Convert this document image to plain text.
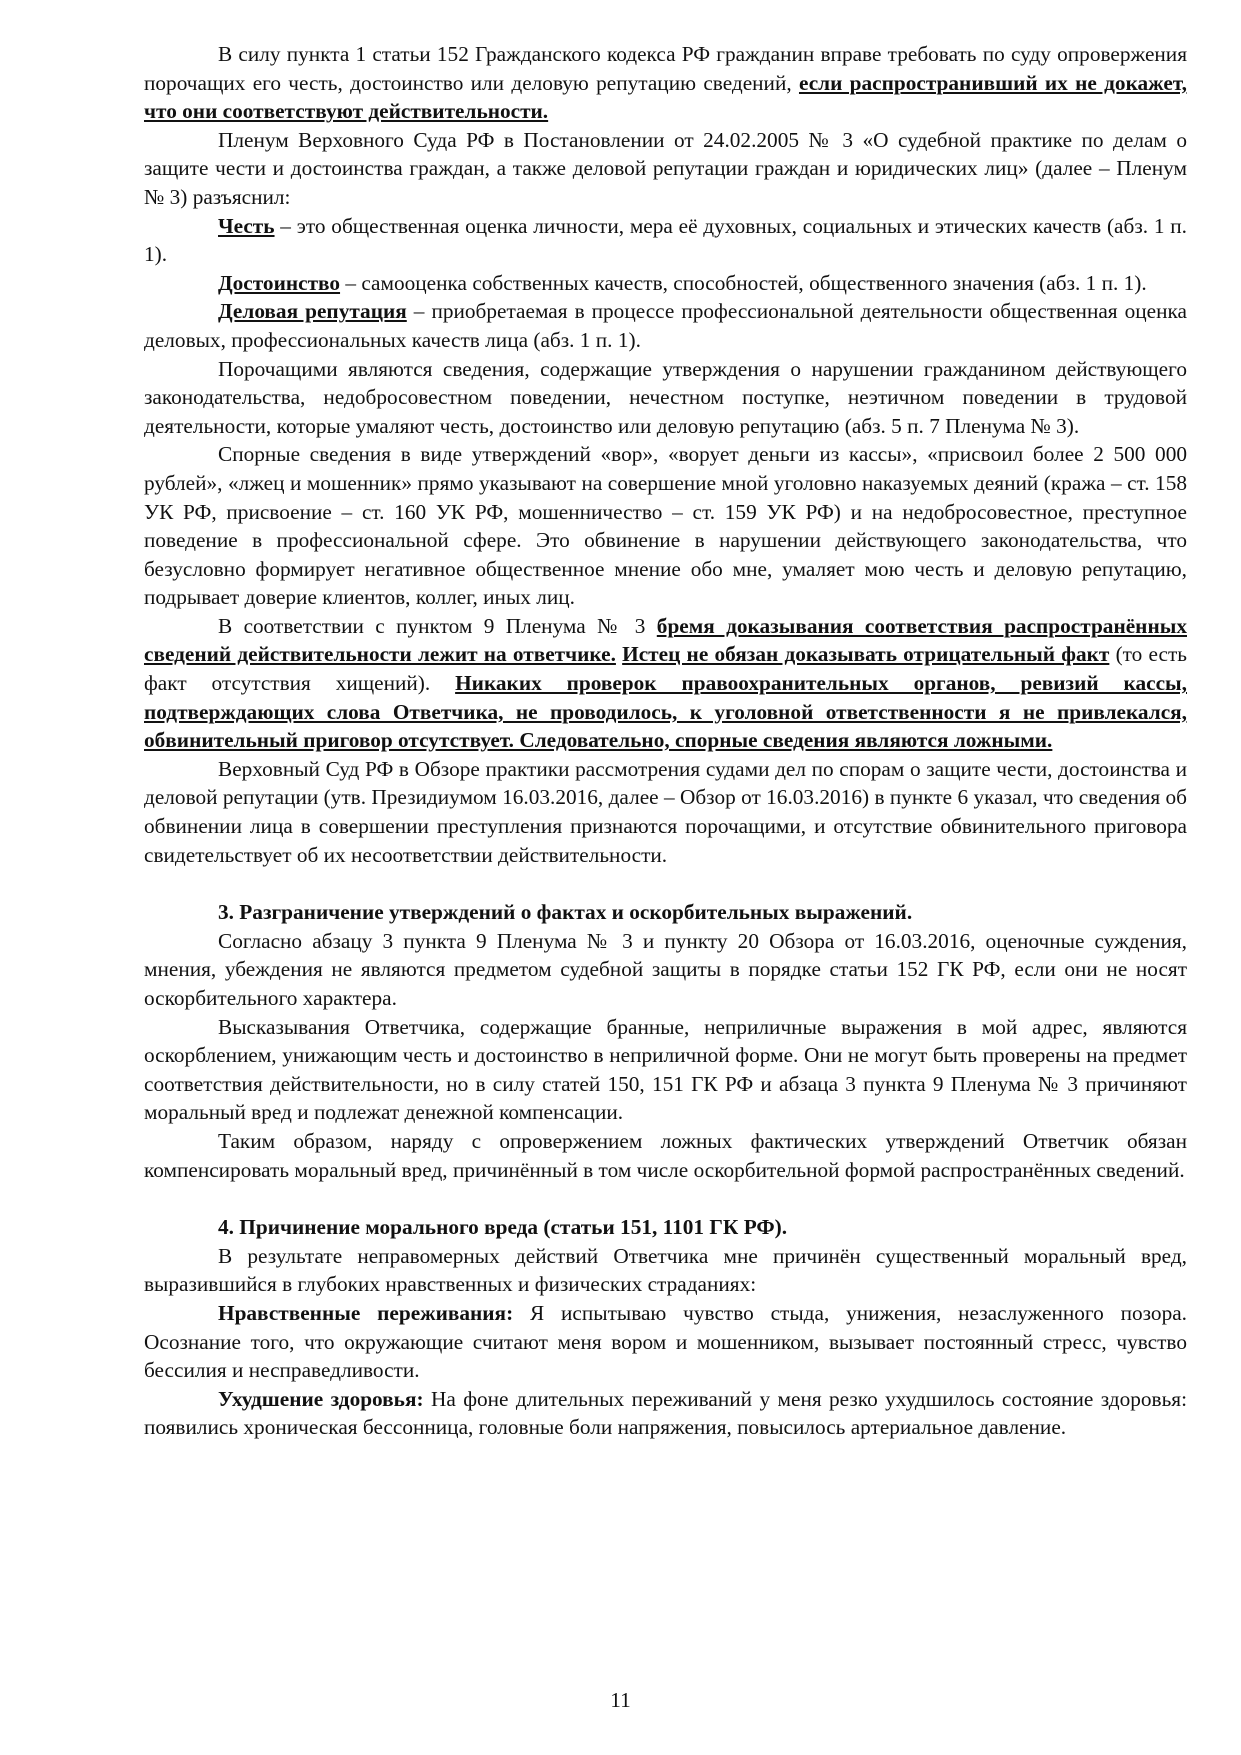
В силу пункта 1 статьи 152 Гражданского кодекса РФ гражданин вправе требовать по суду опровержения порочащих его честь, достоинство или деловую репутацию сведений, если распространивший их не докажет, что они соответствуют действительности.

Пленум Верховного Суда РФ в Постановлении от 24.02.2005 № 3 «О судебной практике по делам о защите чести и достоинства граждан, а также деловой репутации граждан и юридических лиц» (далее – Пленум № 3) разъяснил:

Честь – это общественная оценка личности, мера её духовных, социальных и этических качеств (абз. 1 п. 1).

Достоинство – самооценка собственных качеств, способностей, общественного значения (абз. 1 п. 1).

Деловая репутация – приобретаемая в процессе профессиональной деятельности общественная оценка деловых, профессиональных качеств лица (абз. 1 п. 1).

Порочащими являются сведения, содержащие утверждения о нарушении гражданином действующего законодательства, недобросовестном поведении, нечестном поступке, неэтичном поведении в трудовой деятельности, которые умаляют честь, достоинство или деловую репутацию (абз. 5 п. 7 Пленума № 3).

Спорные сведения в виде утверждений «вор», «ворует деньги из кассы», «присвоил более 2 500 000 рублей», «лжец и мошенник» прямо указывают на совершение мной уголовно наказуемых деяний (кража – ст. 158 УК РФ, присвоение – ст. 160 УК РФ, мошенничество – ст. 159 УК РФ) и на недобросовестное, преступное поведение в профессиональной сфере. Это обвинение в нарушении действующего законодательства, что безусловно формирует негативное общественное мнение обо мне, умаляет мою честь и деловую репутацию, подрывает доверие клиентов, коллег, иных лиц.

В соответствии с пунктом 9 Пленума № 3 бремя доказывания соответствия распространённых сведений действительности лежит на ответчике. Истец не обязан доказывать отрицательный факт (то есть факт отсутствия хищений). Никаких проверок правоохранительных органов, ревизий кассы, подтверждающих слова Ответчика, не проводилось, к уголовной ответственности я не привлекался, обвинительный приговор отсутствует. Следовательно, спорные сведения являются ложными.

Верховный Суд РФ в Обзоре практики рассмотрения судами дел по спорам о защите чести, достоинства и деловой репутации (утв. Президиумом 16.03.2016, далее – Обзор от 16.03.2016) в пункте 6 указал, что сведения об обвинении лица в совершении преступления признаются порочащими, и отсутствие обвинительного приговора свидетельствует об их несоответствии действительности.

3. Разграничение утверждений о фактах и оскорбительных выражений.

Согласно абзацу 3 пункта 9 Пленума № 3 и пункту 20 Обзора от 16.03.2016, оценочные суждения, мнения, убеждения не являются предметом судебной защиты в порядке статьи 152 ГК РФ, если они не носят оскорбительного характера.

Высказывания Ответчика, содержащие бранные, неприличные выражения в мой адрес, являются оскорблением, унижающим честь и достоинство в неприличной форме. Они не могут быть проверены на предмет соответствия действительности, но в силу статей 150, 151 ГК РФ и абзаца 3 пункта 9 Пленума № 3 причиняют моральный вред и подлежат денежной компенсации.

Таким образом, наряду с опровержением ложных фактических утверждений Ответчик обязан компенсировать моральный вред, причинённый в том числе оскорбительной формой распространённых сведений.

4. Причинение морального вреда (статьи 151, 1101 ГК РФ).

В результате неправомерных действий Ответчика мне причинён существенный моральный вред, выразившийся в глубоких нравственных и физических страданиях:

Нравственные переживания: Я испытываю чувство стыда, унижения, незаслуженного позора. Осознание того, что окружающие считают меня вором и мошенником, вызывает постоянный стресс, чувство бессилия и несправедливости.

Ухудшение здоровья: На фоне длительных переживаний у меня резко ухудшилось состояние здоровья: появились хроническая бессонница, головные боли напряжения, повысилось артериальное давление.

11
